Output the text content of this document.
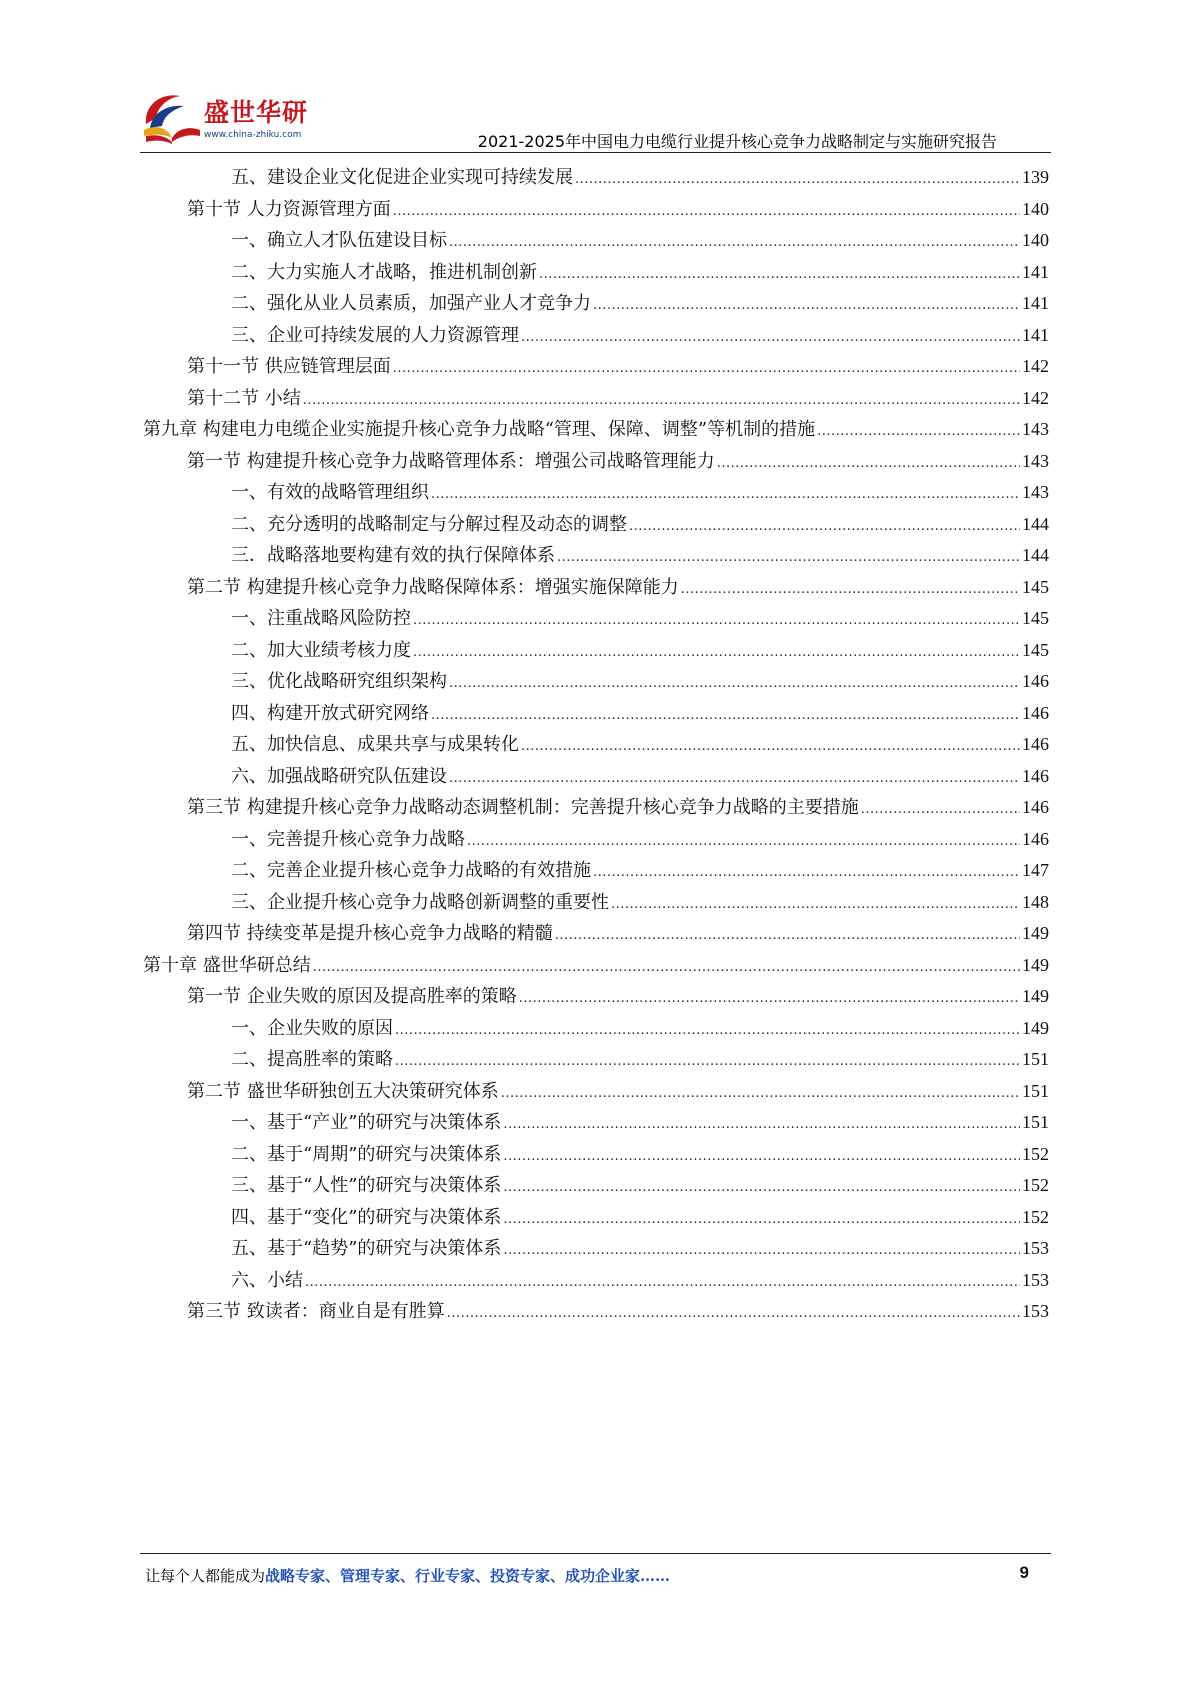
盛世华研
www.china-zhiku.com	2021-2025年中国电力电缆行业提升核心竞争力战略制定与实施研究报告
五、建设企业文化促进企业实现可持续发展 .....	139
第十节 人力资源管理方面 .....	140
一、确立人才队伍建设目标 .....	140
二、大力实施人才战略，推进机制创新 .....	141
二、强化从业人员素质，加强产业人才竞争力 .....	141
三、企业可持续发展的人力资源管理 .....	141
第十一节 供应链管理层面 .....	142
第十二节 小结 .....	142
第九章 构建电力电缆企业实施提升核心竞争力战略“管理、保障、调整”等机制的措施 .....	143
第一节 构建提升核心竞争力战略管理体系：增强公司战略管理能力 .....	143
一、有效的战略管理组织 .....	143
二、充分透明的战略制定与分解过程及动态的调整 .....	144
三．战略落地要构建有效的执行保障体系 .....	144
第二节 构建提升核心竞争力战略保障体系：增强实施保障能力 .....	145
一、注重战略风险防控 .....	145
二、加大业绩考核力度 .....	145
三、优化战略研究组织架构 .....	146
四、构建开放式研究网络 .....	146
五、加快信息、成果共享与成果转化 .....	146
六、加强战略研究队伍建设 .....	146
第三节 构建提升核心竞争力战略动态调整机制：完善提升核心竞争力战略的主要措施 .....	146
一、完善提升核心竞争力战略 .....	146
二、完善企业提升核心竞争力战略的有效措施 .....	147
三、企业提升核心竞争力战略创新调整的重要性 .....	148
第四节 持续变革是提升核心竞争力战略的精髓 .....	149
第十章 盛世华研总结 .....	149
第一节 企业失败的原因及提高胜率的策略 .....	149
一、企业失败的原因 .....	149
二、提高胜率的策略 .....	151
第二节 盛世华研独创五大决策研究体系 .....	151
一、基于“产业”的研究与决策体系 .....	151
二、基于“周期”的研究与决策体系 .....	152
三、基于“人性”的研究与决策体系 .....	152
四、基于“变化”的研究与决策体系 .....	152
五、基于“趋势”的研究与决策体系 .....	153
六、小结 .....	153
第三节 致读者：商业自是有胜算 .....	153
让每个人都能成为战略专家、管理专家、行业专家、投资专家、成功企业家……	9
